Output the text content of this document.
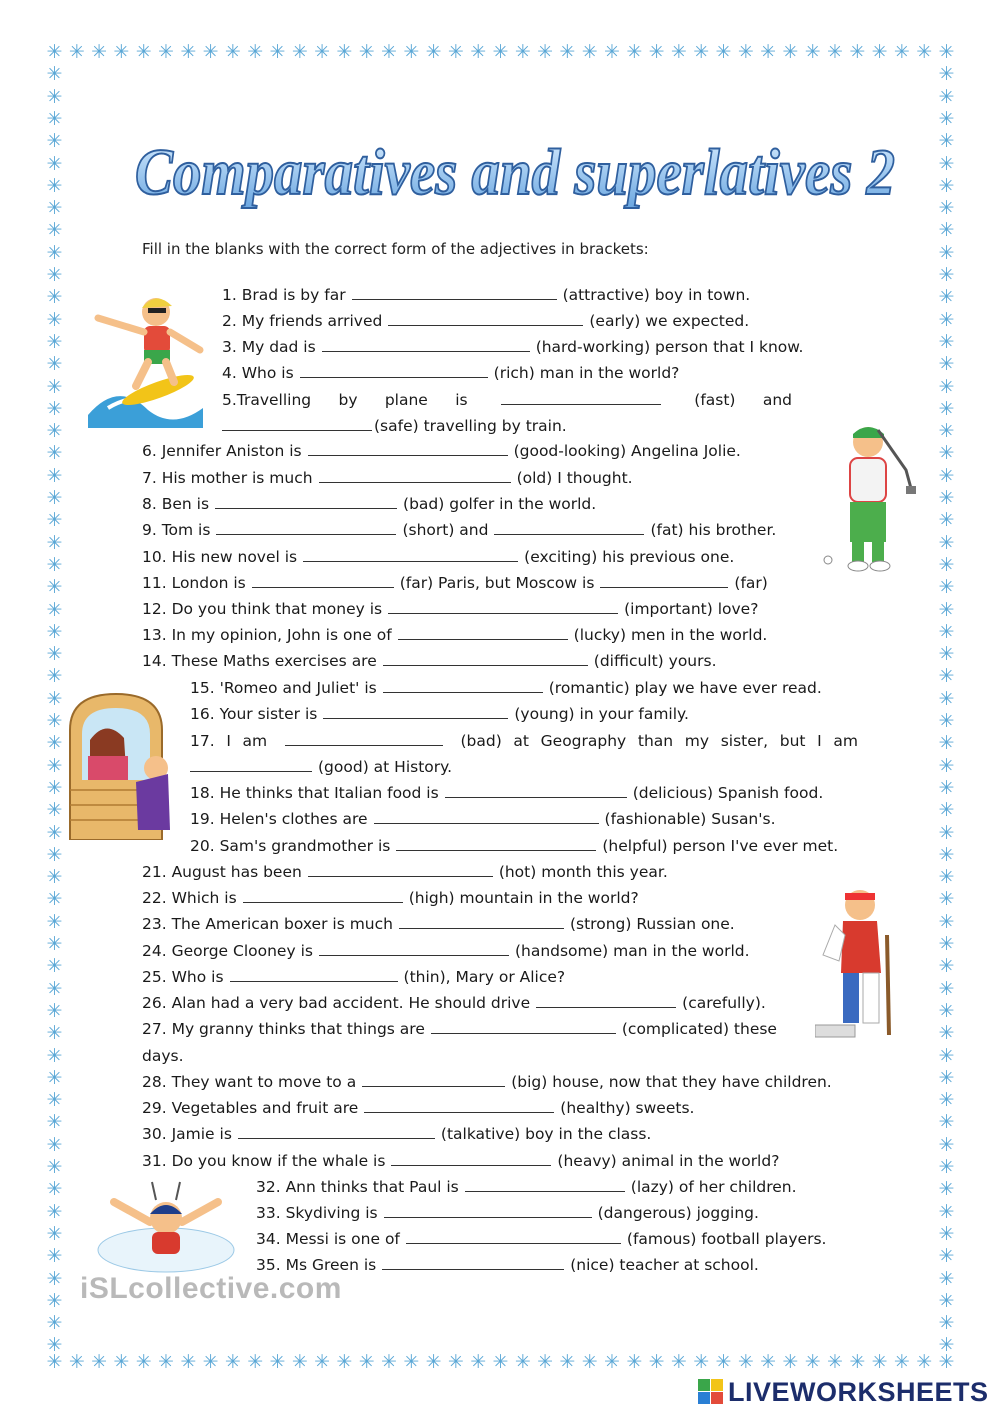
✳
✳
✳
✳
✳
✳
✳
✳
✳
✳
✳
✳
✳
✳
✳
✳
✳
✳
✳
✳
✳
✳
✳
✳
✳
✳
✳
✳
✳
✳
✳
✳
✳
✳
✳
✳
✳
✳
✳
✳
✳
✳
✳
✳
✳
✳
✳
✳
✳
✳
✳
✳
✳
✳
✳
✳
✳
✳
✳
✳
✳
✳
✳
✳
✳
✳
✳
✳
✳
✳
✳
✳
✳
✳
✳
✳
✳
✳
✳
✳
✳
✳
✳	✳
✳	✳
✳	✳
✳	✳
✳	✳
✳	✳
✳	✳
✳	✳
✳	✳
✳	✳
✳	✳
✳	✳
✳	✳
✳	✳
✳	✳
✳	✳
✳	✳
✳	✳
✳	✳
✳	✳
✳	✳
✳	✳
✳	✳
✳	✳
✳	✳
✳	✳
✳	✳
✳	✳
✳	✳
✳	✳
✳	✳
✳	✳
✳	✳
✳	✳
✳	✳
✳	✳
✳	✳
✳	✳
✳	✳
✳	✳
✳	✳
✳	✳
✳	✳
✳	✳
✳	✳
✳	✳
✳	✳
✳	✳
✳	✳
✳	✳
✳	✳
✳	✳
✳	✳
✳	✳
✳	✳
✳	✳
✳	✳
✳	✳
Comparatives and superlatives 2
Fill in the blanks with the correct form of the adjectives in brackets:
1. Brad is by far	(attractive) boy in town.
2. My friends arrived	(early) we expected.
3. My dad is	(hard-working) person that I know.
4. Who is	(rich) man in the world?
6. Jennifer Aniston is	(good-looking) Angelina Jolie.
7. His mother is much	(old) I thought.
8. Ben is	(bad) golfer in the world.
9. Tom is	(short) and	(fat) his brother.
10. His new novel is	(exciting) his previous one.
11. London is	(far) Paris, but Moscow is	(far)
12. Do you think that money is	(important) love?
13. In my opinion, John is one of	(lucky) men in the world.
14. These Maths exercises are	(difficult) yours.
15. 'Romeo and Juliet' is	(romantic) play we have ever read.
16. Your sister is	(young) in your family.
18. He thinks that Italian food is	(delicious) Spanish food.
19. Helen's clothes are	(fashionable) Susan's.
20. Sam's grandmother is	(helpful) person I've ever met.
21. August has been	(hot) month this year.
22. Which is	(high) mountain in the world?
23. The American boxer is much	(strong) Russian one.
24. George Clooney is	(handsome) man in the world.
25. Who is	(thin), Mary or Alice?
26. Alan had a very bad accident. He should drive	(carefully).
27. My granny thinks that things are	(complicated) these
days.
28. They want to move to a	(big) house, now that they have children.
29. Vegetables and fruit are	(healthy) sweets.
30. Jamie is	(talkative) boy in the class.
31. Do you know if the whale is	(heavy) animal in the world?
32. Ann thinks that Paul is	(lazy) of her children.
33. Skydiving is	(dangerous) jogging.
34. Messi is one of	(famous) football players.
35. Ms Green is	(nice) teacher at school.
5.Travelling by plane is	(fast) and
(safe) travelling by train.
17. I am	(bad) at Geography than my sister, but I am
(good) at History.
iSLcollective.com
LIVEWORKSHEETS
